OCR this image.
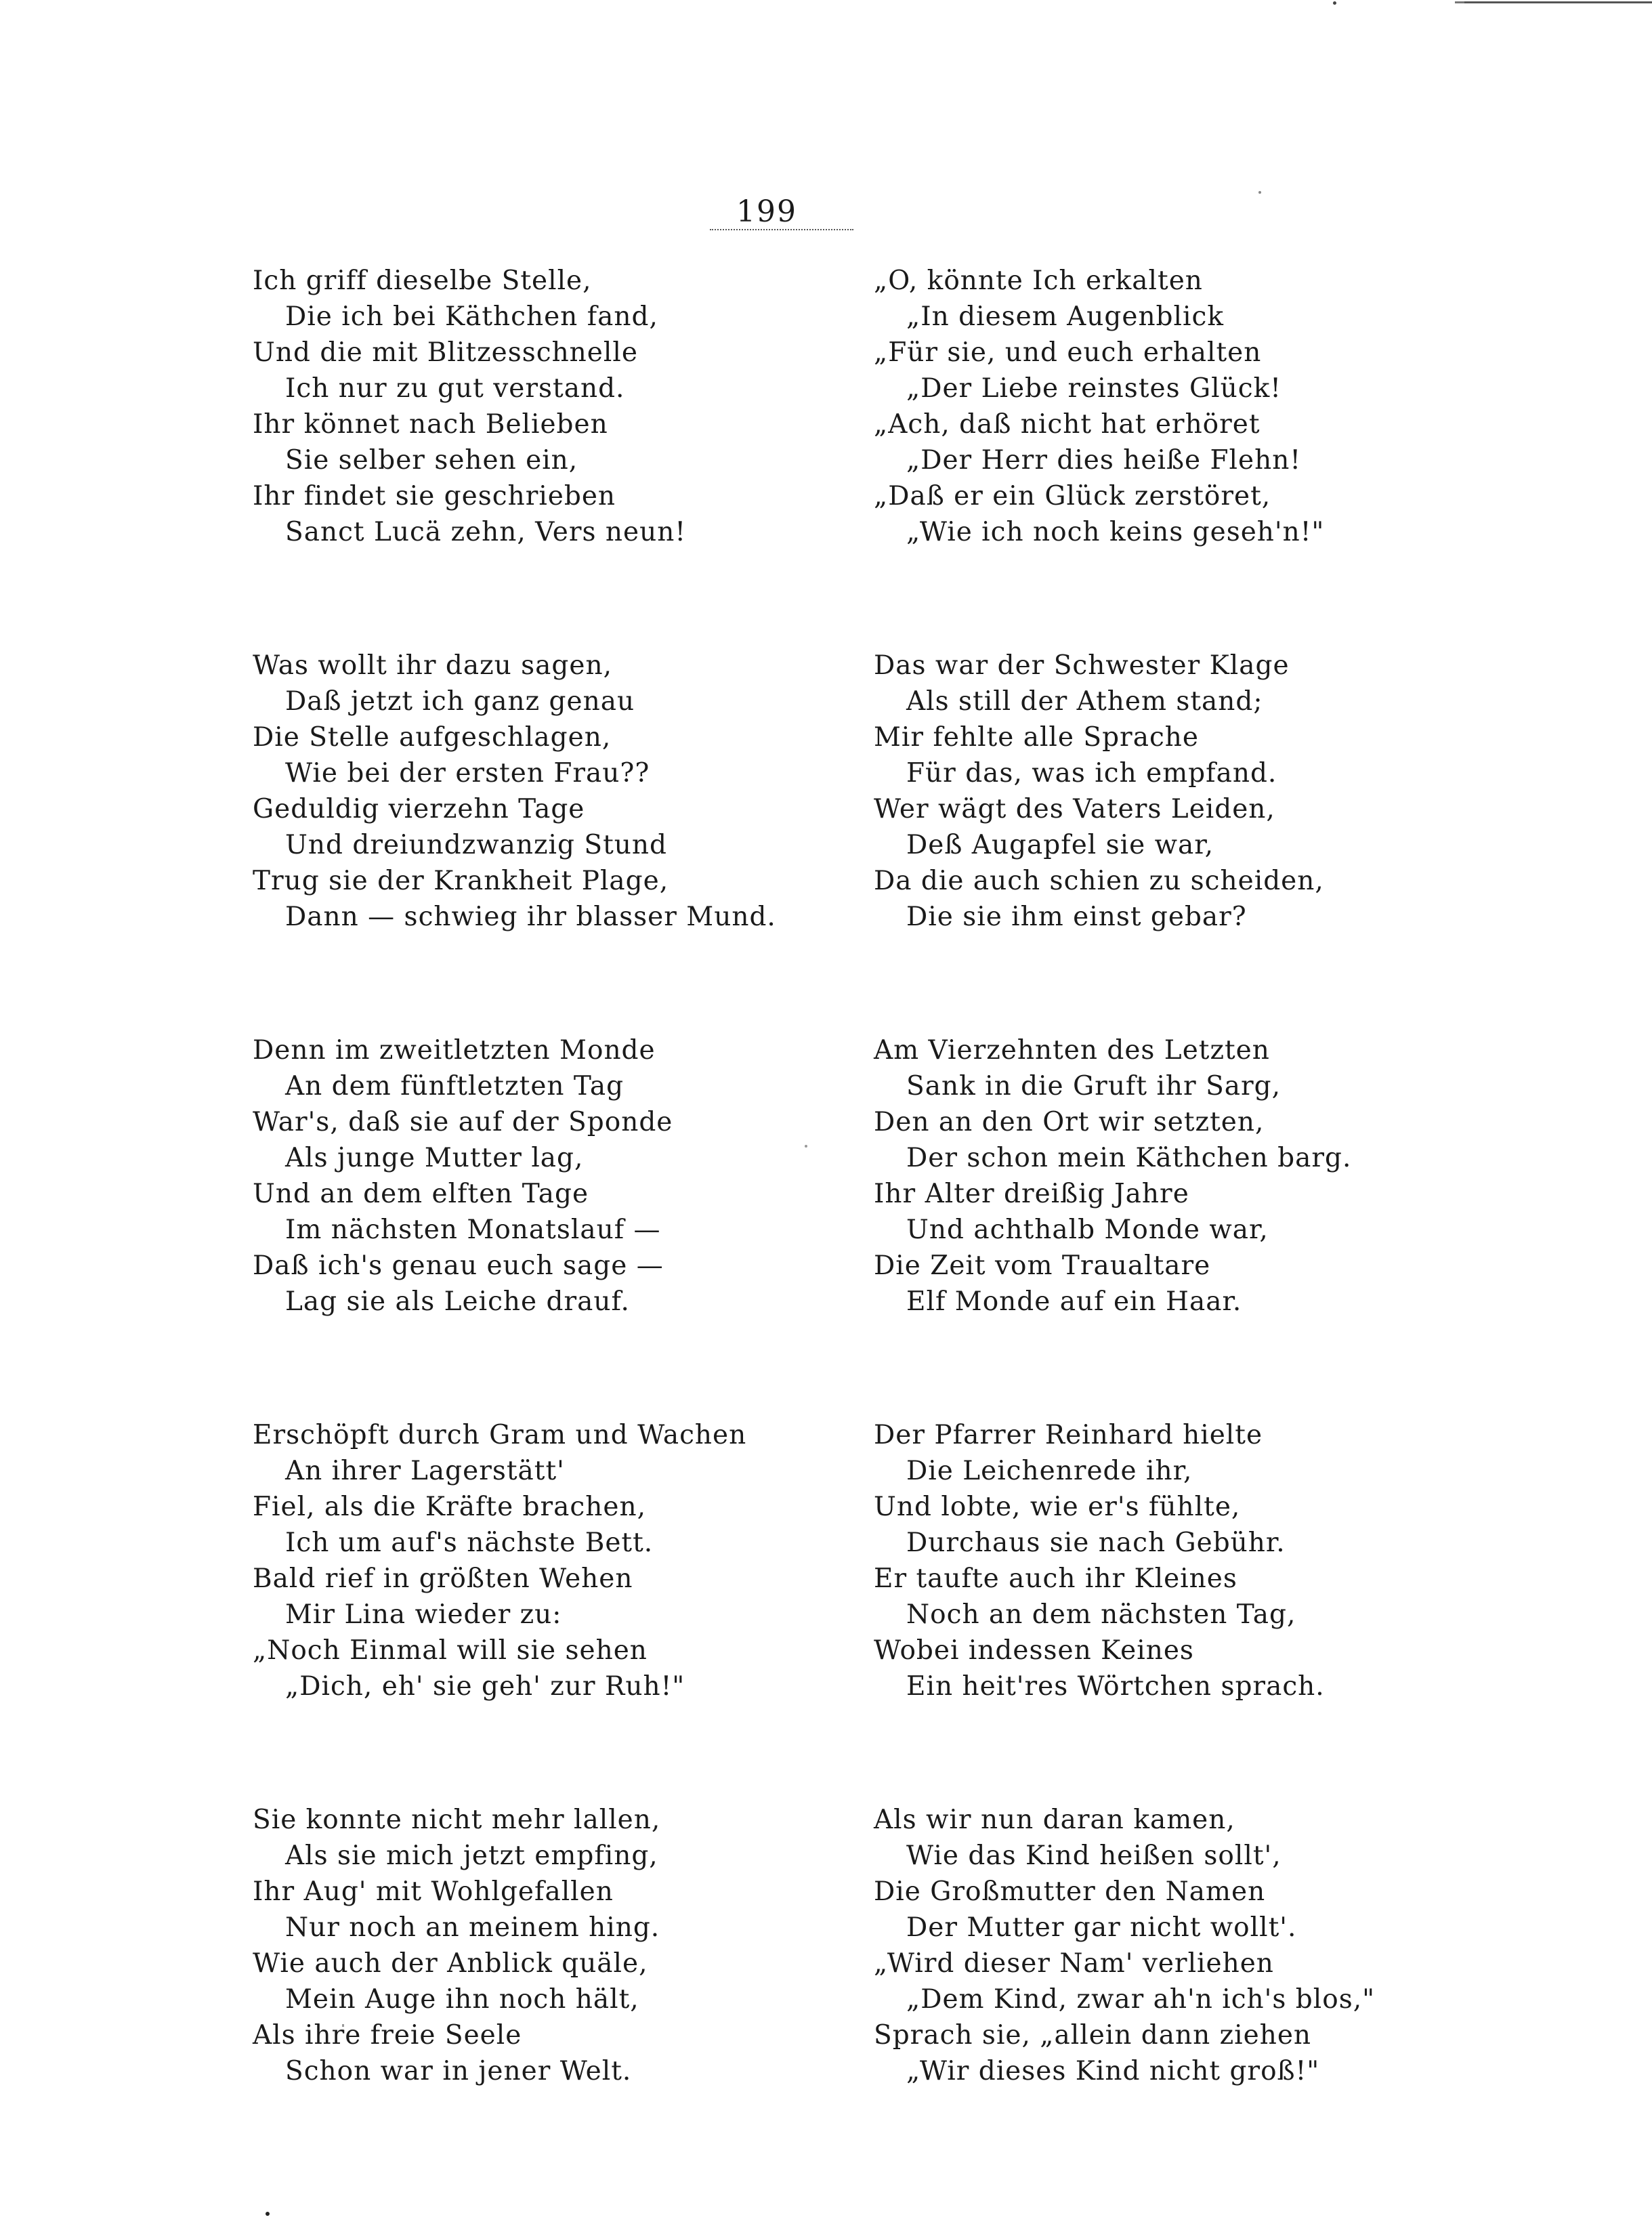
199
Ich griff dieselbe Stelle,
Die ich bei Käthchen fand,
Und die mit Blitzesschnelle
Ich nur zu gut verstand.
Ihr könnet nach Belieben
Sie selber sehen ein,
Ihr findet sie geschrieben
Sanct Lucä zehn, Vers neun!
Was wollt ihr dazu sagen,
Daß jetzt ich ganz genau
Die Stelle aufgeschlagen,
Wie bei der ersten Frau??
Geduldig vierzehn Tage
Und dreiundzwanzig Stund
Trug sie der Krankheit Plage,
Dann — schwieg ihr blasser Mund.
Denn im zweitletzten Monde
An dem fünftletzten Tag
War's, daß sie auf der Sponde
Als junge Mutter lag,
Und an dem elften Tage
Im nächsten Monatslauf —
Daß ich's genau euch sage —
Lag sie als Leiche drauf.
Erschöpft durch Gram und Wachen
An ihrer Lagerstätt'
Fiel, als die Kräfte brachen,
Ich um auf's nächste Bett.
Bald rief in größten Wehen
Mir Lina wieder zu:
„Noch Einmal will sie sehen
„Dich, eh' sie geh' zur Ruh!"
Sie konnte nicht mehr lallen,
Als sie mich jetzt empfing,
Ihr Aug' mit Wohlgefallen
Nur noch an meinem hing.
Wie auch der Anblick quäle,
Mein Auge ihn noch hält,
Als ihre freie Seele
Schon war in jener Welt.
„O, könnte Ich erkalten
„In diesem Augenblick
„Für sie, und euch erhalten
„Der Liebe reinstes Glück!
„Ach, daß nicht hat erhöret
„Der Herr dies heiße Flehn!
„Daß er ein Glück zerstöret,
„Wie ich noch keins geseh'n!"
Das war der Schwester Klage
Als still der Athem stand;
Mir fehlte alle Sprache
Für das, was ich empfand.
Wer wägt des Vaters Leiden,
Deß Augapfel sie war,
Da die auch schien zu scheiden,
Die sie ihm einst gebar?
Am Vierzehnten des Letzten
Sank in die Gruft ihr Sarg,
Den an den Ort wir setzten,
Der schon mein Käthchen barg.
Ihr Alter dreißig Jahre
Und achthalb Monde war,
Die Zeit vom Traualtare
Elf Monde auf ein Haar.
Der Pfarrer Reinhard hielte
Die Leichenrede ihr,
Und lobte, wie er's fühlte,
Durchaus sie nach Gebühr.
Er taufte auch ihr Kleines
Noch an dem nächsten Tag,
Wobei indessen Keines
Ein heit'res Wörtchen sprach.
Als wir nun daran kamen,
Wie das Kind heißen sollt',
Die Großmutter den Namen
Der Mutter gar nicht wollt'.
„Wird dieser Nam' verliehen
„Dem Kind, zwar ah'n ich's blos,"
Sprach sie, „allein dann ziehen
„Wir dieses Kind nicht groß!"
